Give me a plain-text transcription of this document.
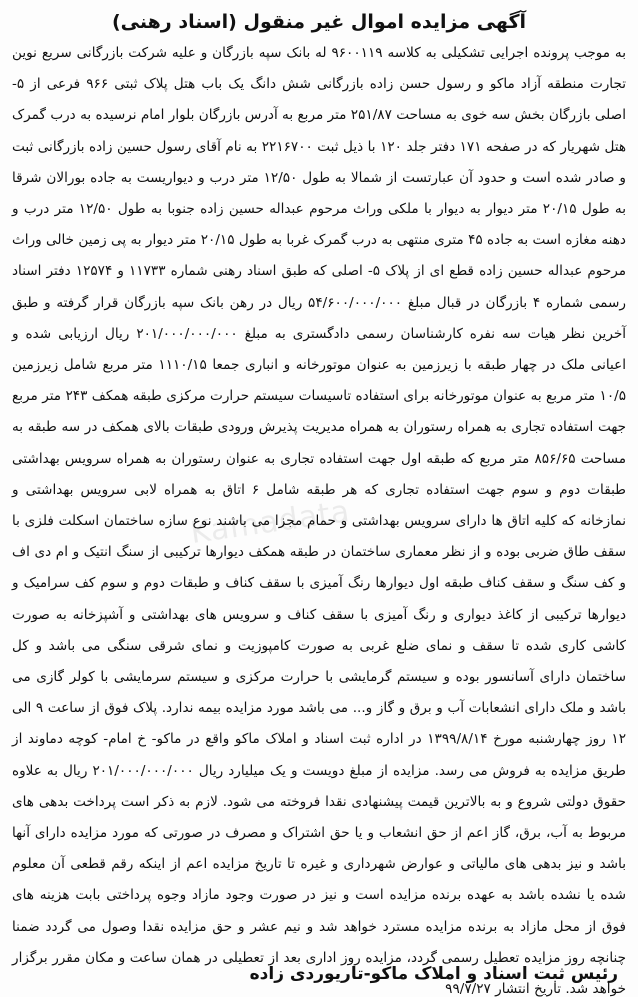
آگهی مزایده اموال غیر منقول (اسناد رهنی)

به موجب پرونده اجرایی تشکیلی به کلاسه ۹۶۰۰۱۱۹ له بانک سپه بازرگان و علیه شرکت بازرگانی سریع نوین تجارت منطقه آزاد ماکو و رسول حسن زاده بازرگانی شش دانگ یک باب هتل پلاک ثبتی ۹۶۶ فرعی از ۵- اصلی بازرگان بخش سه خوی به مساحت ۲۵۱/۸۷ متر مربع به آدرس بازرگان بلوار امام نرسیده به درب گمرک هتل شهریار که در صفحه ۱۷۱ دفتر جلد ۱۲۰ با ذیل ثبت ۲۲۱۶۷۰۰ به نام آقای رسول حسین زاده بازرگانی ثبت و صادر شده است و حدود آن عبارتست از شمالا به طول ۱۲/۵۰ متر درب و دیواریست به جاده بورالان شرقا به طول ۲۰/۱۵ متر دیوار به دیوار با ملکی وراث مرحوم عبداله حسین زاده جنوبا به طول ۱۲/۵۰ متر درب و دهنه مغازه است به جاده ۴۵ متری منتهی به درب گمرک غربا به طول ۲۰/۱۵ متر دیوار به پی زمین خالی وراث مرحوم عبداله حسین زاده قطع ای از پلاک ۵- اصلی که طبق اسناد رهنی شماره ۱۱۷۳۳ و ۱۲۵۷۴ دفتر اسناد رسمی شماره ۴ بازرگان در قبال مبلغ ۵۴/۶۰۰/۰۰۰/۰۰۰ ریال در رهن بانک سپه بازرگان قرار گرفته و طبق آخرین نظر هیات سه نفره کارشناسان رسمی دادگستری به مبلغ ۲۰۱/۰۰۰/۰۰۰/۰۰۰ ریال ارزیابی شده و اعیانی ملک در چهار طبقه با زیرزمین به عنوان موتورخانه و انباری جمعا ۱۱۱۰/۱۵ متر مربع شامل زیرزمین ۱۰/۵ متر مربع به عنوان موتورخانه برای استفاده تاسیسات سیستم حرارت مرکزی طبقه همکف ۲۴۳ متر مربع جهت استفاده تجاری به همراه رستوران به همراه مدیریت پذیرش ورودی طبقات بالای همکف در سه طبقه به مساحت ۸۵۶/۶۵ متر مربع که طبقه اول جهت استفاده تجاری به عنوان رستوران به همراه سرویس بهداشتی طبقات دوم و سوم جهت استفاده تجاری که هر طبقه شامل ۶ اتاق به همراه لابی سرویس بهداشتی و نمازخانه که کلیه اتاق ها دارای سرویس بهداشتی و حمام مجزا می باشند نوع سازه ساختمان اسکلت فلزی با سقف طاق ضربی بوده و از نظر معماری ساختمان در طبقه همکف دیوارها ترکیبی از سنگ انتیک و ام دی اف و کف سنگ و سقف کناف طبقه اول دیوارها رنگ آمیزی با سقف کناف و طبقات دوم و سوم کف سرامیک و دیوارها ترکیبی از کاغذ دیواری و رنگ آمیزی با سقف کناف و سرویس های بهداشتی و آشپزخانه به صورت کاشی کاری شده تا سقف و نمای ضلع غربی به صورت کامپوزیت و نمای شرقی سنگی می باشد و کل ساختمان دارای آسانسور بوده و سیستم گرمایشی با حرارت مرکزی و سیستم سرمایشی با کولر گازی می باشد و ملک دارای انشعابات آب و برق و گاز و... می باشد مورد مزایده بیمه ندارد. پلاک فوق از ساعت ۹ الی ۱۲ روز چهارشنبه مورخ ۱۳۹۹/۸/۱۴ در اداره ثبت اسناد و املاک ماکو واقع در ماکو- خ امام- کوچه دماوند از طریق مزایده به فروش می رسد. مزایده از مبلغ دویست و یک میلیارد ریال ۲۰۱/۰۰۰/۰۰۰/۰۰۰ ریال به علاوه حقوق دولتی شروع و به بالاترین قیمت پیشنهادی نقدا فروخته می شود. لازم به ذکر است پرداخت بدهی های مربوط به آب، برق، گاز اعم از حق انشعاب و یا حق اشتراک و مصرف در صورتی که مورد مزایده دارای آنها باشد و نیز بدهی های مالیاتی و عوارض شهرداری و غیره تا تاریخ مزایده اعم از اینکه رقم قطعی آن معلوم شده یا نشده باشد به عهده برنده مزایده است و نیز در صورت وجود مازاد وجوه پرداختی بابت هزینه های فوق از محل مازاد به برنده مزایده مسترد خواهد شد و نیم عشر و حق مزایده نقدا وصول می گردد ضمنا چنانچه روز مزایده تعطیل رسمی گردد، مزایده روز اداری بعد از تعطیلی در همان ساعت و مکان مقرر برگزار خواهد شد. تاریخ انتشار ۹۹/۷/۲۷

Kamadata
رئیس ثبت اسناد و املاک ماکو-تاریوردی زاده
